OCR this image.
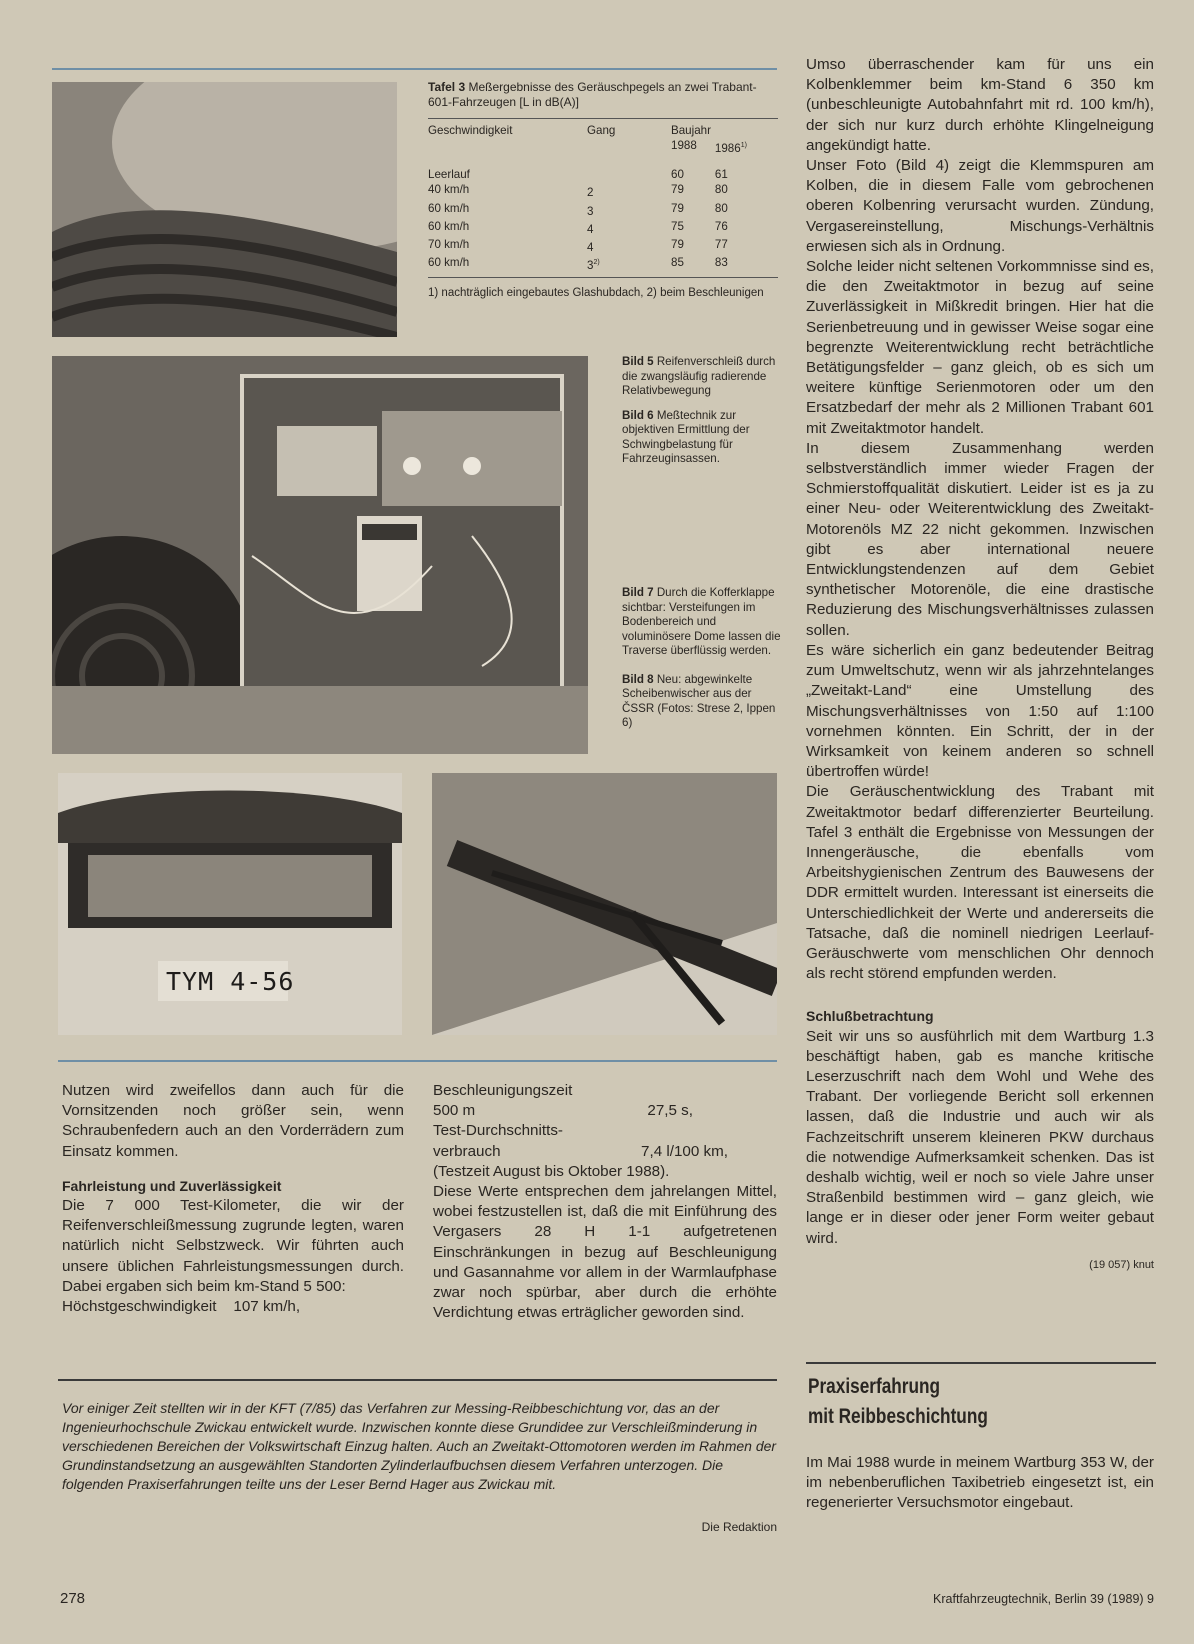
Tafel 3 Meßergebnisse des Geräuschpegels an zwei Trabant-601-Fahrzeugen [L in dB(A)]
Geschwindigkeit	Gang	Baujahr	
		1988	1986$^{1)}$

Leerlauf		60	61
40 km/h	2	79	80
60 km/h	3	79	80
60 km/h	4	75	76
70 km/h	4	79	77
60 km/h	3$^{2)}$	85	83
1) nachträglich eingebautes Glashubdach, 2) beim Beschleunigen
Bild 5 Reifenverschleiß durch die zwangsläufig radierende Relativbewegung
Bild 6 Meßtechnik zur objektiven Ermittlung der Schwingbelastung für Fahrzeuginsassen.
Bild 7 Durch die Kofferklappe sichtbar: Versteifungen im Bodenbereich und voluminösere Dome lassen die Traverse überflüssig werden.
Bild 8 Neu: abgewinkelte Scheibenwischer aus der ČSSR (Fotos: Strese 2, Ippen 6)
TYM 4-56

Umso überraschender kam für uns ein Kolbenklemmer beim km-Stand 6 350 km (unbeschleunigte Autobahnfahrt mit rd. 100 km/h), der sich nur kurz durch erhöhte Klingelneigung angekündigt hatte.

Unser Foto (Bild 4) zeigt die Klemmspuren am Kolben, die in diesem Falle vom gebrochenen oberen Kolbenring verursacht wurden. Zündung, Vergasereinstellung, Mischungs-Verhältnis erwiesen sich als in Ordnung.

Solche leider nicht seltenen Vorkommnisse sind es, die den Zweitaktmotor in bezug auf seine Zuverlässigkeit in Mißkredit bringen. Hier hat die Serienbetreuung und in gewisser Weise sogar eine begrenzte Weiterentwicklung recht beträchtliche Betätigungsfelder – ganz gleich, ob es sich um weitere künftige Serienmotoren oder um den Ersatzbedarf der mehr als 2 Millionen Trabant 601 mit Zweitaktmotor handelt.

In diesem Zusammenhang werden selbstverständlich immer wieder Fragen der Schmierstoffqualität diskutiert. Leider ist es ja zu einer Neu- oder Weiterentwicklung des Zweitakt-Motorenöls MZ 22 nicht gekommen. Inzwischen gibt es aber international neuere Entwicklungstendenzen auf dem Gebiet synthetischer Motorenöle, die eine drastische Reduzierung des Mischungsverhältnisses zulassen sollen.

Es wäre sicherlich ein ganz bedeutender Beitrag zum Umweltschutz, wenn wir als jahrzehntelanges „Zweitakt-Land“ eine Umstellung des Mischungsverhältnisses von 1:50 auf 1:100 vornehmen könnten. Ein Schritt, der in der Wirksamkeit von keinem anderen so schnell übertroffen würde!

Die Geräuschentwicklung des Trabant mit Zweitaktmotor bedarf differenzierter Beurteilung. Tafel 3 enthält die Ergebnisse von Messungen der Innengeräusche, die ebenfalls vom Arbeitshygienischen Zentrum des Bauwesens der DDR ermittelt wurden. Interessant ist einerseits die Unterschiedlichkeit der Werte und andererseits die Tatsache, daß die nominell niedrigen Leerlauf-Geräuschwerte vom menschlichen Ohr dennoch als recht störend empfunden werden.

Schlußbetrachtung

Seit wir uns so ausführlich mit dem Wartburg 1.3 beschäftigt haben, gab es manche kritische Leserzuschrift nach dem Wohl und Wehe des Trabant. Der vorliegende Bericht soll erkennen lassen, daß die Industrie und auch wir als Fachzeitschrift unserem kleineren PKW durchaus die notwendige Aufmerksamkeit schenken. Das ist deshalb wichtig, weil er noch so viele Jahre unser Straßenbild bestimmen wird – ganz gleich, wie lange er in dieser oder jener Form weiter gebaut wird.

(19 057) knut

Nutzen wird zweifellos dann auch für die Vornsitzenden noch größer sein, wenn Schraubenfedern auch an den Vorderrädern zum Einsatz kommen.

Fahrleistung und Zuverlässigkeit

Die 7 000 Test-Kilometer, die wir der Reifenverschleißmessung zugrunde legten, waren natürlich nicht Selbstzweck. Wir führten auch unsere üblichen Fahrleistungsmessungen durch. Dabei ergaben sich beim km-Stand 5 500:

Höchstgeschwindigkeit 107 km/h,
Beschleunigungszeit
500 m	27,5 s,
Test-Durchschnitts-
verbrauch	7,4 l/100 km,
(Testzeit August bis Oktober 1988).

Diese Werte entsprechen dem jahrelangen Mittel, wobei festzustellen ist, daß die mit Einführung des Vergasers 28 H 1-1 aufgetretenen Einschränkungen in bezug auf Beschleunigung und Gasannahme vor allem in der Warmlaufphase zwar noch spürbar, aber durch die erhöhte Verdichtung etwas erträglicher geworden sind.

Vor einiger Zeit stellten wir in der KFT (7/85) das Verfahren zur Messing-Reibbeschichtung vor, das an der Ingenieurhochschule Zwickau entwickelt wurde. Inzwischen konnte diese Grundidee zur Verschleißminderung in verschiedenen Bereichen der Volkswirtschaft Einzug halten. Auch an Zweitakt-Ottomotoren werden im Rahmen der Grundinstandsetzung an ausgewählten Standorten Zylinderlaufbuchsen diesem Verfahren unterzogen. Die folgenden Praxiserfahrungen teilte uns der Leser Bernd Hager aus Zwickau mit.
Die Redaktion
Praxiserfahrung
mit Reibbeschichtung
Im Mai 1988 wurde in meinem Wartburg 353 W, der im nebenberuflichen Taxibetrieb eingesetzt ist, ein regenerierter Versuchsmotor eingebaut.
278	Kraftfahrzeugtechnik, Berlin 39 (1989) 9
